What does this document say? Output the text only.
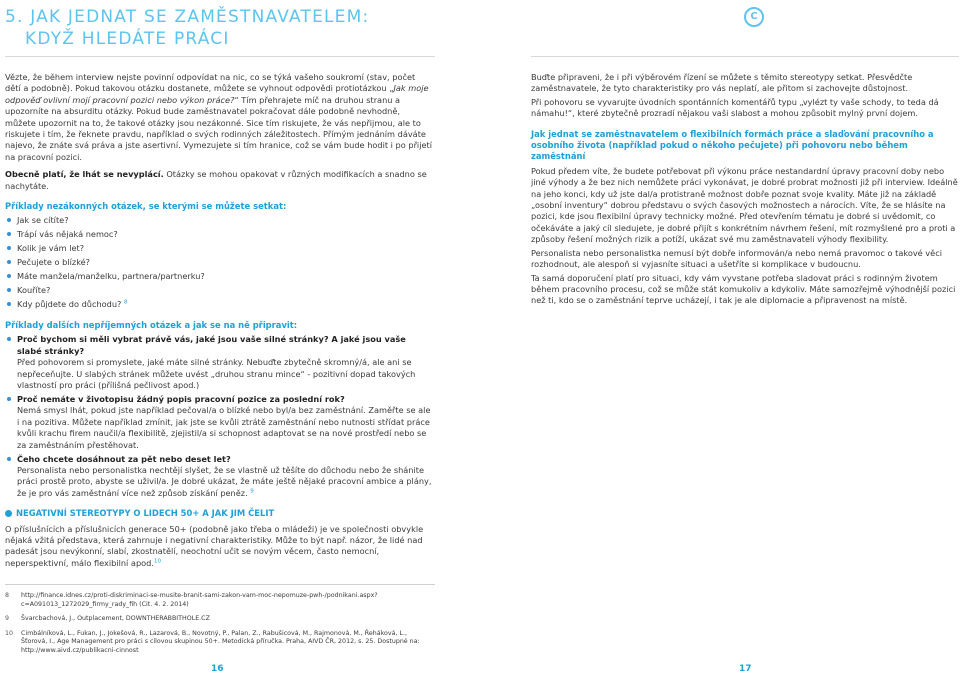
5. JAK JEDNAT SE ZAMĚSTNAVATELEM:
KDYŽ HLEDÁTE PRÁCI
C

Vězte, že během interview nejste povinní odpovídat na nic, co se týká vašeho soukromí (stav, počet dětí a podobně). Pokud takovou otázku dostanete, můžete se vyhnout odpovědi protiotázkou „Jak moje odpověď ovlivní mojí pracovní pozici nebo výkon práce?“ Tím přehrajete míč na druhou stranu a upozorníte na absurditu otázky. Pokud bude zaměstnavatel pokračovat dále podobně nevhodně, můžete upozornit na to, že takové otázky jsou nezákonné. Sice tím riskujete, že vás nepřijmou, ale to riskujete i tím, že řeknete pravdu, například o svých rodinných záležitostech. Přímým jednáním dáváte najevo, že znáte svá práva a jste asertivní. Vymezujete si tím hranice, což se vám bude hodit i po přijetí na pracovní pozici.

Obecně platí, že lhát se nevyplácí. Otázky se mohou opakovat v různých modifikacích a snadno se nachytáte.

Příklady nezákonných otázek, se kterými se můžete setkat:
Jak se cítíte?
Trápí vás nějaká nemoc?
Kolik je vám let?
Pečujete o blízké?
Máte manžela/manželku, partnera/partnerku?
Kouříte?
Kdy půjdete do důchodu? $^8$
Příklady dalších nepříjemných otázek a jak se na ně připravit:
Proč bychom si měli vybrat právě vás, jaké jsou vaše silné stránky? A jaké jsou vaše slabé stránky?
Před pohovorem si promyslete, jaké máte silné stránky. Nebuďte zbytečně skromný/á, ale ani se nepřeceňujte. U slabých stránek můžete uvést „druhou stranu mince“ - pozitivní dopad takových vlastností pro práci (přílišná pečlivost apod.)
Proč nemáte v životopisu žádný popis pracovní pozice za poslední rok?
Nemá smysl lhát, pokud jste například pečoval/a o blízké nebo byl/a bez zaměstnání. Zaměřte se ale i na pozitiva. Můžete například zmínit, jak jste se kvůli ztrátě zaměstnání nebo nutnosti střídat práce kvůli krachu firem naučil/a flexibilitě, zjejistil/a si schopnost adaptovat se na nové prostředí nebo se za zaměstnáním přestěhovat.
Čeho chcete dosáhnout za pět nebo deset let?
Personalista nebo personalistka nechtějí slyšet, že se vlastně už těšíte do důchodu nebo že shánite práci prostě proto, abyste se uživil/a. Je dobré ukázat, že máte ještě nějaké pracovní ambice a plány, že je pro vás zaměstnání více než způsob získání peněz. $^9$
NEGATIVNÍ STEREOTYPY O LIDECH 50+ A JAK JIM ČELIT

O příslušnících a příslušnicích generace 50+ (podobně jako třeba o mládeži) je ve společnosti obvykle nějaká vžitá představa, která zahrnuje i negativní charakteristiky. Může to být např. názor, že lidé nad padesát jsou nevýkonní, slabí, zkostnatělí, neochotní učit se novým věcem, často nemocní, neperspektivní, málo flexibilní apod.$^{10}$

Buďte připraveni, že i při výběrovém řízení se můžete s těmito stereotypy setkat. Přesvědčte zaměstnavatele, že tyto charakteristiky pro vás neplatí, ale přitom si zachovejte důstojnost.

Při pohovoru se vyvarujte úvodních spontánních komentářů typu „vylézt ty vaše schody, to teda dá námahu!“, které zbytečně prozradí nějakou vaši slabost a mohou způsobit mylný první dojem.

Jak jednat se zaměstnavatelem o flexibilních formách práce a slaďování pracovního a osobního života (například pokud o někoho pečujete) při pohovoru nebo během zaměstnání

Pokud předem víte, že budete potřebovat při výkonu práce nestandardní úpravy pracovní doby nebo jiné výhody a že bez nich nemůžete práci vykonávat, je dobré probrat možnosti již při interview. Ideálně na jeho konci, kdy už jste dal/a protistraně možnost dobře poznat svoje kvality. Máte již na základě „osobní inventury“ dobrou představu o svých časových možnostech a nárocích. Víte, že se hlásíte na pozici, kde jsou flexibilní úpravy technicky možné. Před otevřením tématu je dobré si uvědomit, co očekáváte a jaký cíl sledujete, je dobré přijít s konkrétním návrhem řešení, mít rozmyšlené pro a proti a způsoby řešení možných rizik a potíží, ukázat své mu zaměstnavateli výhody flexibility.

Personalista nebo personalistka nemusí být dobře informován/a nebo nemá pravomoc o takové věci rozhodnout, ale alespoň si vyjasníte situaci a ušetříte si komplikace v budoucnu.

Ta samá doporučení platí pro situaci, kdy vám vyvstane potřeba sladovat práci s rodinným životem během pracovního procesu, což se může stát komukoliv a kdykoliv. Máte samozřejmě výhodnější pozici než ti, kdo se o zaměstnání teprve ucházejí, i tak je ale diplomacie a připravenost na místě.

8 http://finance.idnes.cz/proti-diskriminaci-se-musite-branit-sami-zakon-vam-moc-nepomuze-pwh-/podnikani.aspx?c=A091013_1272029_firmy_rady_fih (Cit. 4. 2. 2014)
9 Švarcbachová, J., Outplacement, DOWNTHERABBITHOLE.CZ
10 Cimbálníková, L., Fukan, J., Jokešová, R., Lazarová, B., Novotný, P., Palan, Z., Rabušicová, M., Rajmonová, M., Řeháková, L., Šťorová, I., Age Management pro práci s cílovou skupinou 50+. Metodická příručka. Praha, AIVD ČR, 2012, s. 25. Dostupné na: http://www.aivd.cz/publikacni-cinnost
16	17
